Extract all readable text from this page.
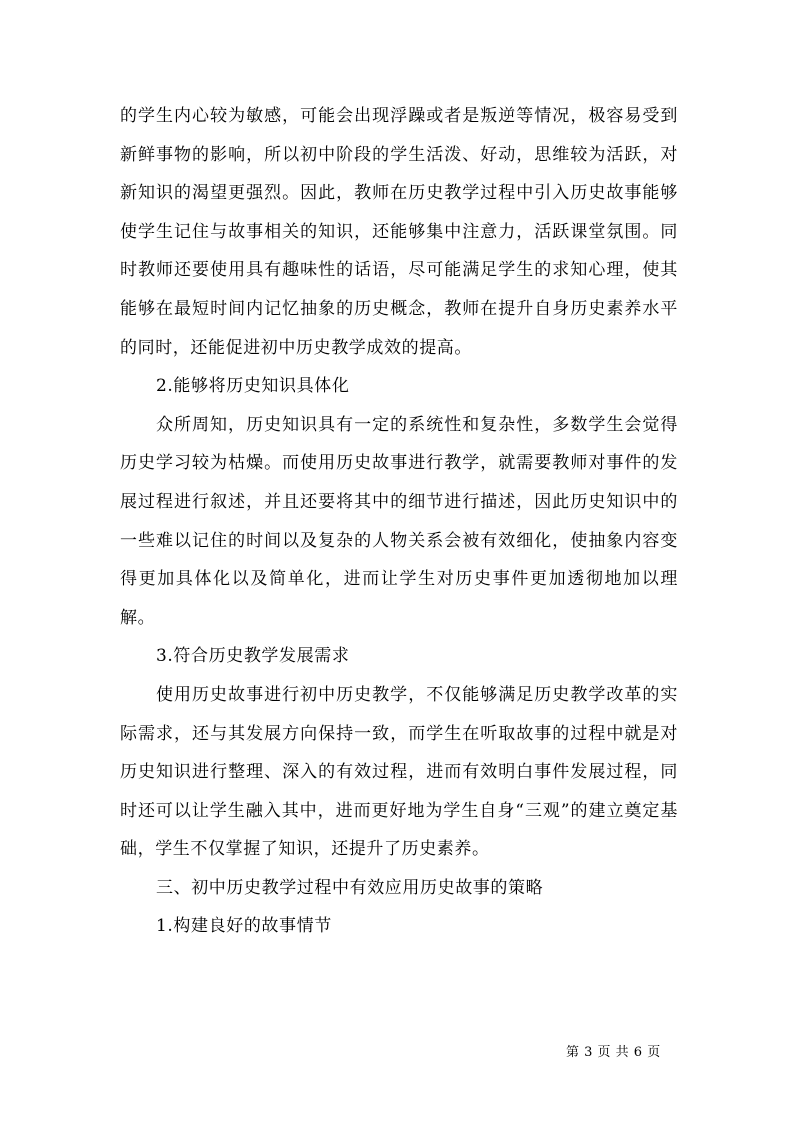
的学生内心较为敏感，可能会出现浮躁或者是叛逆等情况，极容易受到新鲜事物的影响，所以初中阶段的学生活泼、好动，思维较为活跃，对新知识的渴望更强烈。因此，教师在历史教学过程中引入历史故事能够使学生记住与故事相关的知识，还能够集中注意力，活跃课堂氛围。同时教师还要使用具有趣味性的话语，尽可能满足学生的求知心理，使其能够在最短时间内记忆抽象的历史概念，教师在提升自身历史素养水平的同时，还能促进初中历史教学成效的提高。

2.能够将历史知识具体化

众所周知，历史知识具有一定的系统性和复杂性，多数学生会觉得历史学习较为枯燥。而使用历史故事进行教学，就需要教师对事件的发展过程进行叙述，并且还要将其中的细节进行描述，因此历史知识中的一些难以记住的时间以及复杂的人物关系会被有效细化，使抽象内容变得更加具体化以及简单化，进而让学生对历史事件更加透彻地加以理解。

3.符合历史教学发展需求

使用历史故事进行初中历史教学，不仅能够满足历史教学改革的实际需求，还与其发展方向保持一致，而学生在听取故事的过程中就是对历史知识进行整理、深入的有效过程，进而有效明白事件发展过程，同时还可以让学生融入其中，进而更好地为学生自身“三观”的建立奠定基础，学生不仅掌握了知识，还提升了历史素养。

三、初中历史教学过程中有效应用历史故事的策略

1.构建良好的故事情节

第 3 页 共 6 页
